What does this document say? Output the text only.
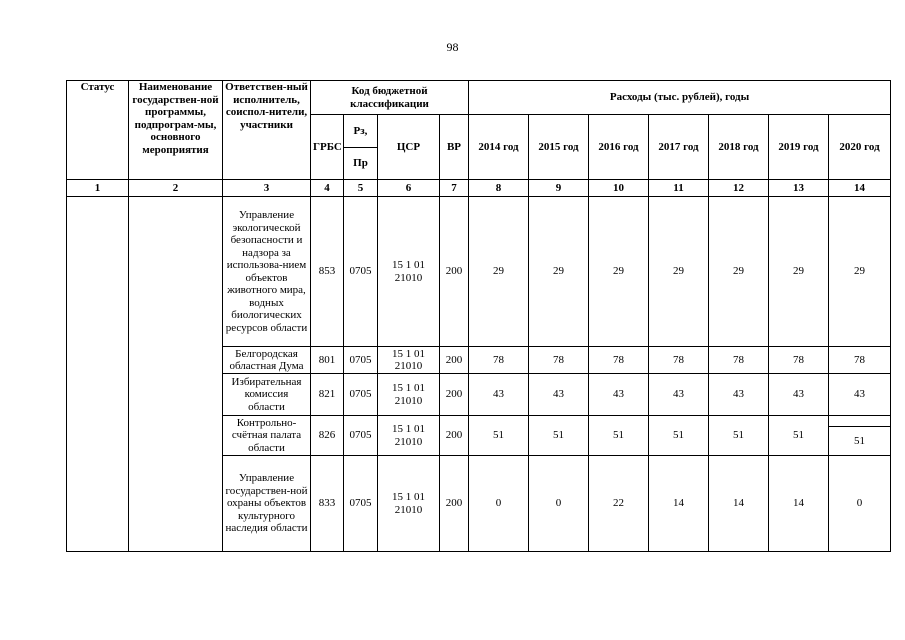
98
Статус	Наименование государствен-ной программы, подпрограм-мы, основного мероприятия	Ответствен-ный исполнитель, соиспол-нители, участники	Код бюджетной классификации				Расходы (тыс. рублей), годы						
			ГРБС	Рз,	ЦСР	ВР	2014 год	2015 год	2016 год	2017 год	2018 год	2019 год	2020 год
				Пр									
1	2	3	4	5	6	7	8	9	10	11	12	13	14
		Управление экологической безопасности и надзора за использова-нием объектов животного мира, водных биологических ресурсов области	853	0705	15 1 01 21010	200	29	29	29	29	29	29	29
		Белгородская областная Дума	801	0705	15 1 01 21010	200	78	78	78	78	78	78	78
		Избирательная комиссия области	821	0705	15 1 01 21010	200	43	43	43	43	43	43	43
		Контрольно-счётная палата области	826	0705	15 1 01 21010	200	51	51	51	51	51	51	51
		Управление государствен-ной охраны объектов культурного наследия области	833	0705	15 1 01 21010	200	0	0	22	14	14	14	0
